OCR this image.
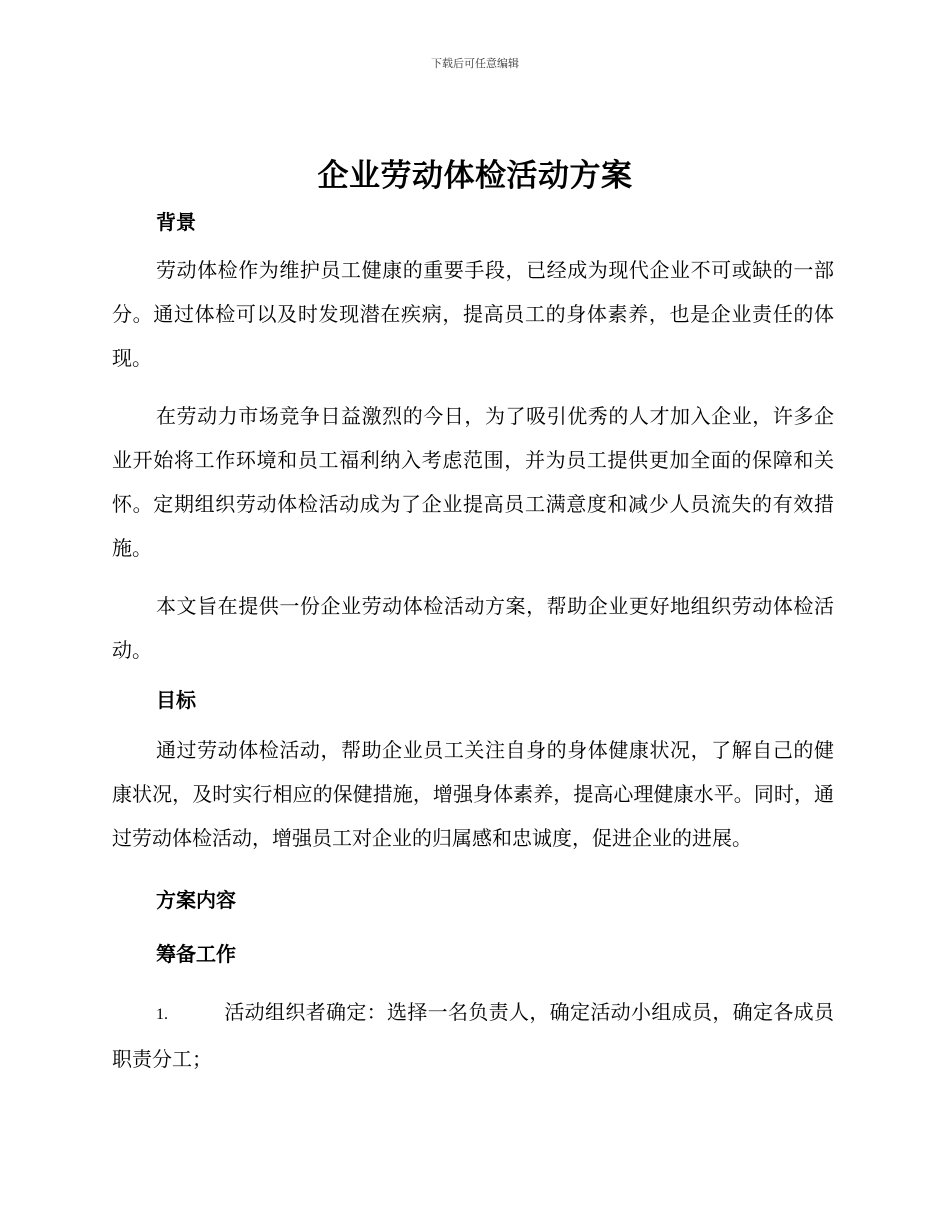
下载后可任意编辑
企业劳动体检活动方案
背景

劳动体检作为维护员工健康的重要手段，已经成为现代企业不可或缺的一部分。通过体检可以及时发现潜在疾病，提高员工的身体素养，也是企业责任的体现。

在劳动力市场竞争日益激烈的今日，为了吸引优秀的人才加入企业，许多企业开始将工作环境和员工福利纳入考虑范围，并为员工提供更加全面的保障和关怀。定期组织劳动体检活动成为了企业提高员工满意度和减少人员流失的有效措施。

本文旨在提供一份企业劳动体检活动方案，帮助企业更好地组织劳动体检活动。

目标

通过劳动体检活动，帮助企业员工关注自身的身体健康状况，了解自己的健康状况，及时实行相应的保健措施，增强身体素养，提高心理健康水平。同时，通过劳动体检活动，增强员工对企业的归属感和忠诚度，促进企业的进展。

方案内容
筹备工作

1.	活动组织者确定：选择一名负责人，确定活动小组成员，确定各成员职责分工；
